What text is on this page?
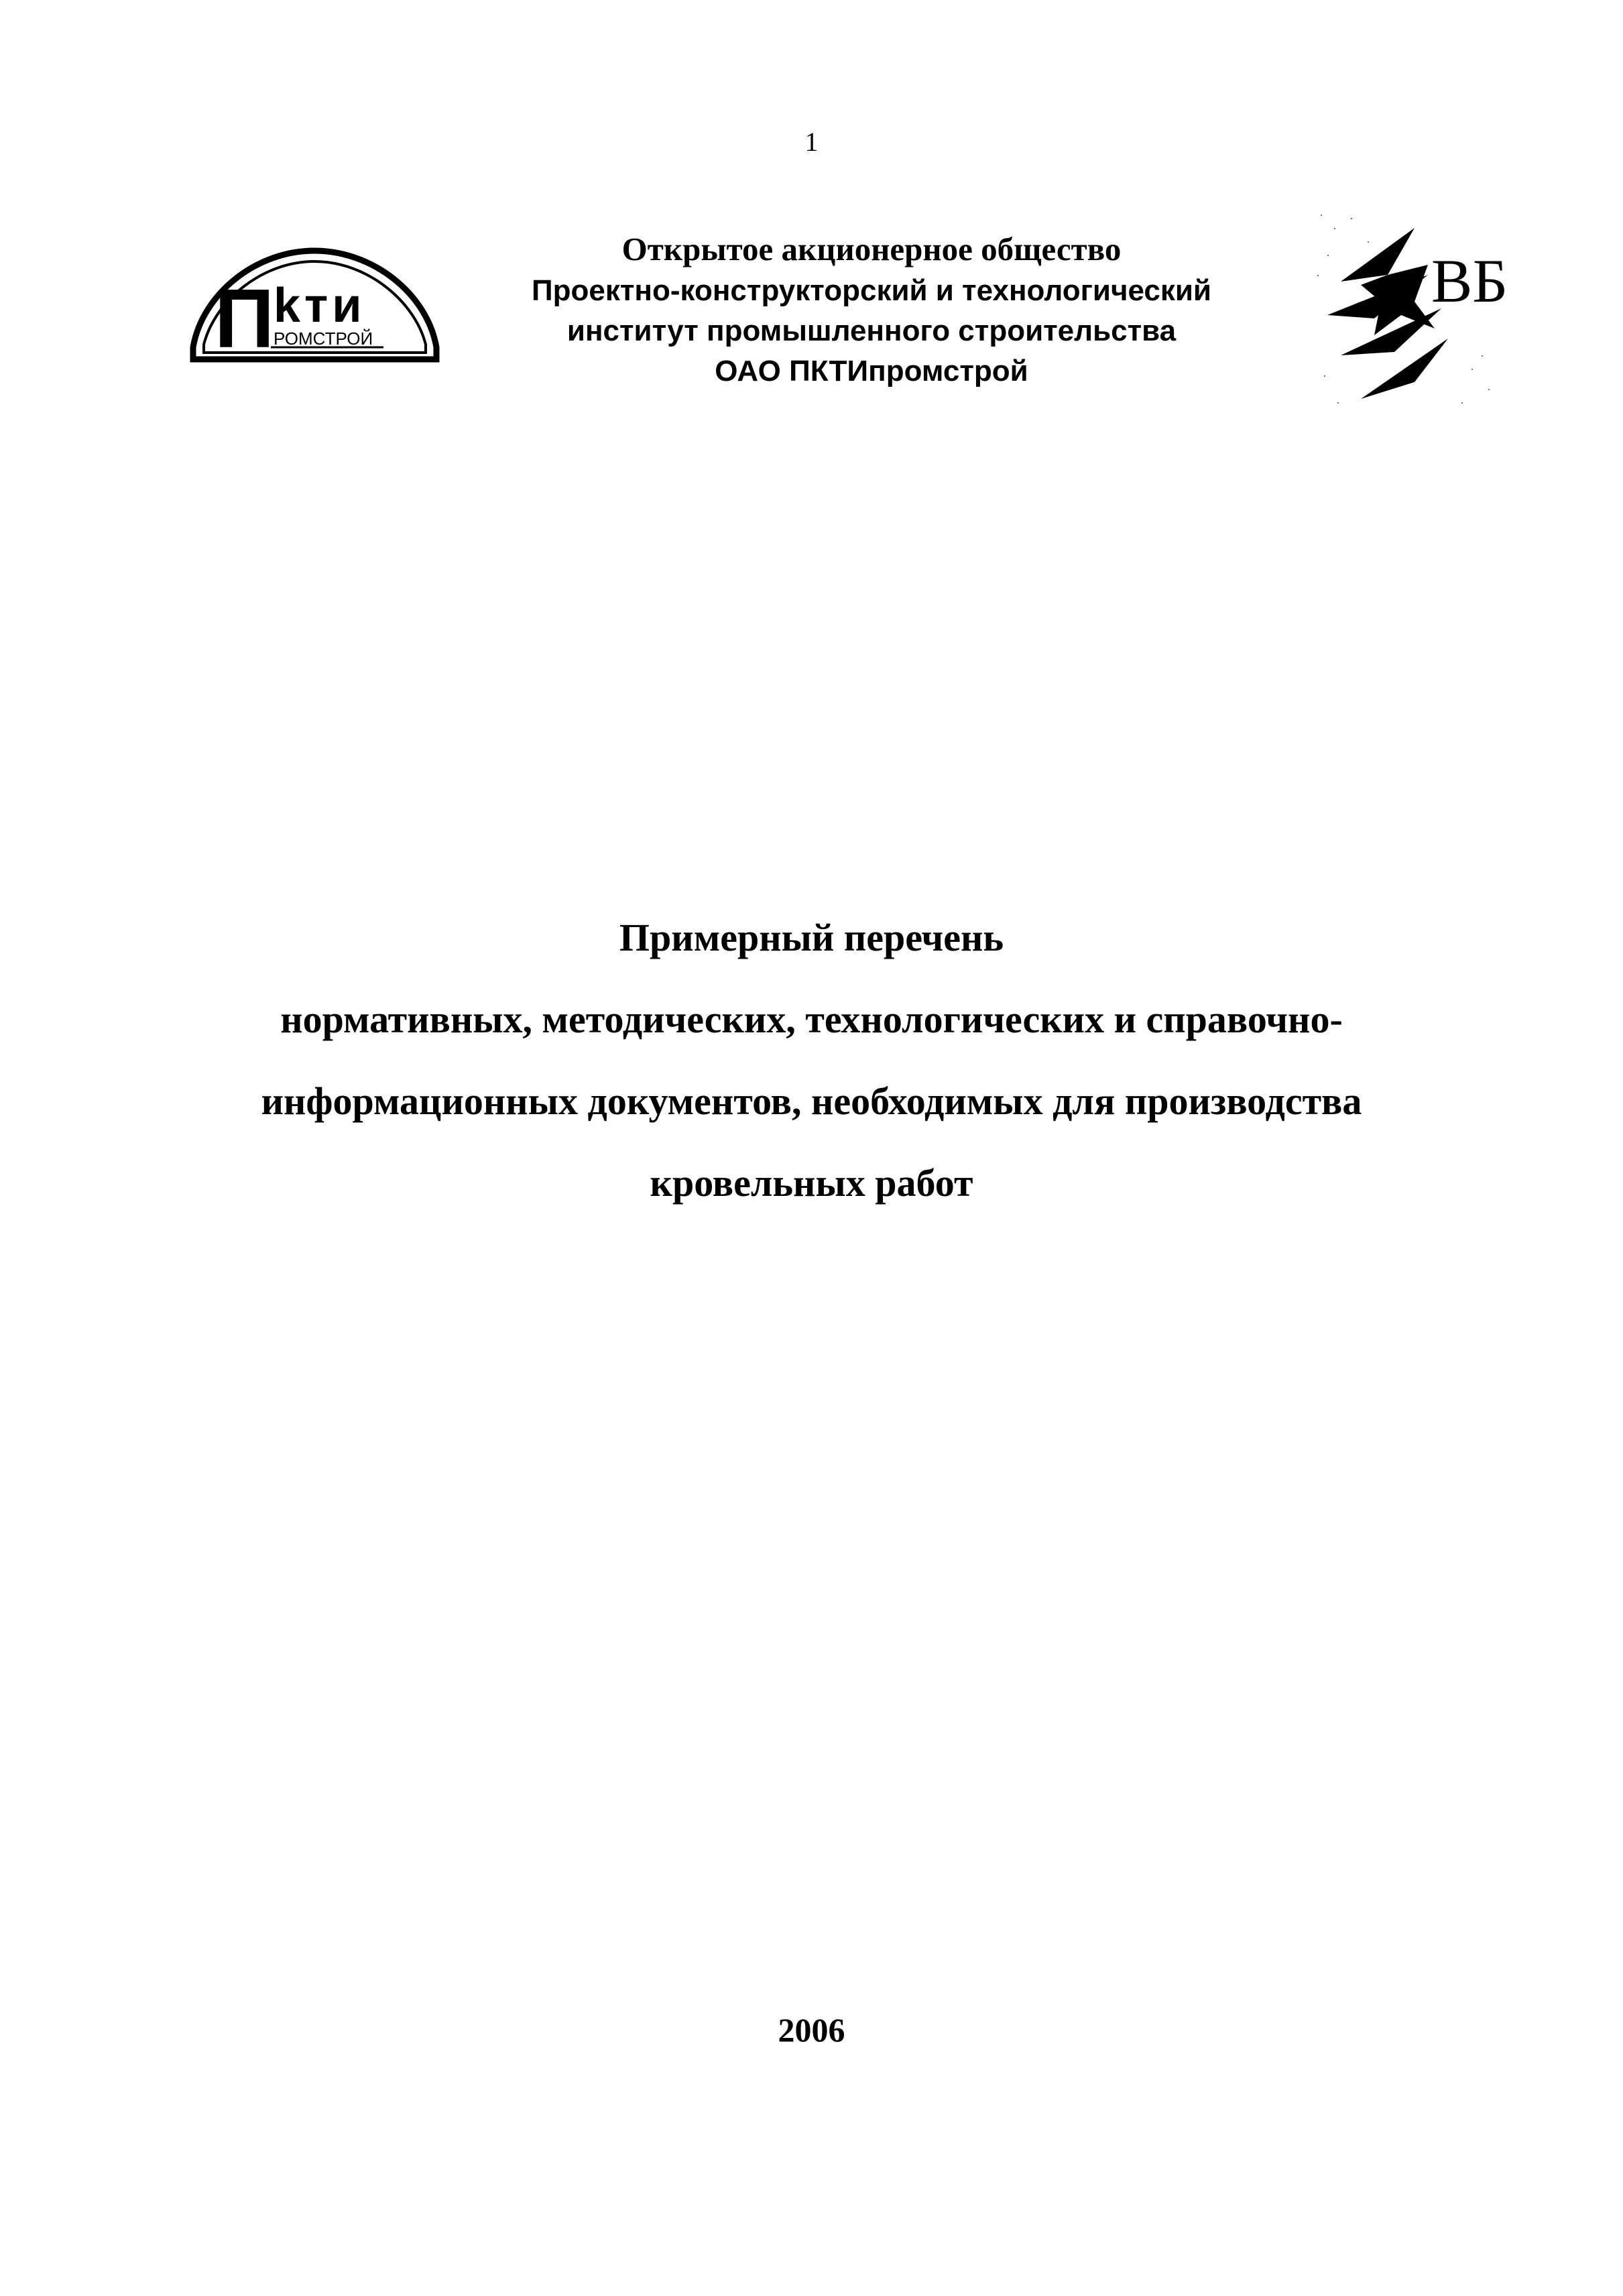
1
П
kти
РОМСТРОЙ
ВБ
Открытое акционерное общество
Проектно-конструкторский и технологический
институт промышленного строительства
ОАО ПКТИпромстрой
Примерный перечень
нормативных, методических, технологических и справочно-
информационных документов, необходимых для производства
кровельных работ
2006
